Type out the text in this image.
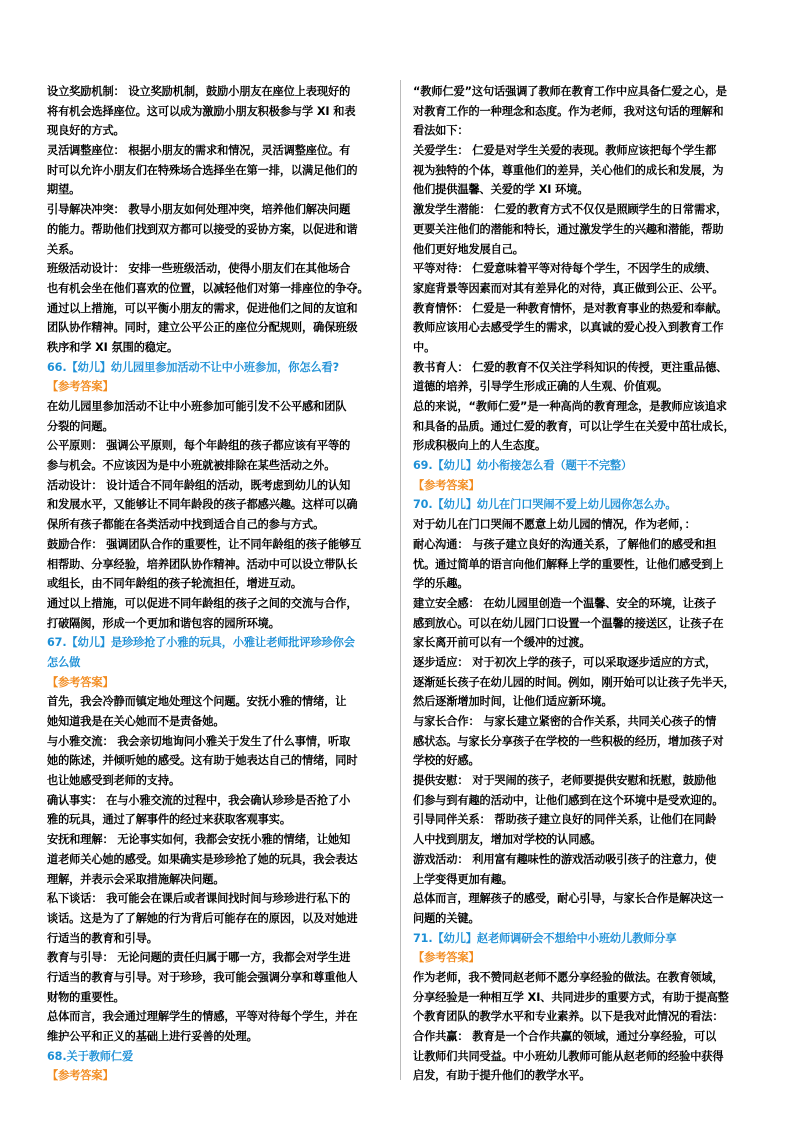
设立奖励机制： 设立奖励机制，鼓励小朋友在座位上表现好的
将有机会选择座位。这可以成为激励小朋友积极参与学 XI 和表
现良好的方式。
灵活调整座位： 根据小朋友的需求和情况，灵活调整座位。有
时可以允许小朋友们在特殊场合选择坐在第一排，以满足他们的
期望。
引导解决冲突： 教导小朋友如何处理冲突，培养他们解决问题
的能力。帮助他们找到双方都可以接受的妥协方案，以促进和谐
关系。
班级活动设计： 安排一些班级活动，使得小朋友们在其他场合
也有机会坐在他们喜欢的位置，以减轻他们对第一排座位的争夺。
通过以上措施，可以平衡小朋友的需求，促进他们之间的友谊和
团队协作精神。同时，建立公平公正的座位分配规则，确保班级
秩序和学 XI 氛围的稳定。
66.【幼儿】幼儿园里参加活动不让中小班参加，你怎么看?
【参考答案】
在幼儿园里参加活动不让中小班参加可能引发不公平感和团队
分裂的问题。
公平原则： 强调公平原则，每个年龄组的孩子都应该有平等的
参与机会。不应该因为是中小班就被排除在某些活动之外。
活动设计： 设计适合不同年龄组的活动，既考虑到幼儿的认知
和发展水平，又能够让不同年龄段的孩子都感兴趣。这样可以确
保所有孩子都能在各类活动中找到适合自己的参与方式。
鼓励合作： 强调团队合作的重要性，让不同年龄组的孩子能够互
相帮助、分享经验，培养团队协作精神。活动中可以设立带队长
或组长，由不同年龄组的孩子轮流担任，增进互动。
通过以上措施，可以促进不同年龄组的孩子之间的交流与合作，
打破隔阂，形成一个更加和谐包容的园所环境。
67.【幼儿】是珍珍抢了小雅的玩具，小雅让老师批评珍珍你会
怎么做
【参考答案】
首先，我会冷静而镇定地处理这个问题。安抚小雅的情绪，让
她知道我是在关心她而不是责备她。
与小雅交流： 我会亲切地询问小雅关于发生了什么事情，听取
她的陈述，并倾听她的感受。这有助于她表达自己的情绪，同时
也让她感受到老师的支持。
确认事实： 在与小雅交流的过程中，我会确认珍珍是否抢了小
雅的玩具，通过了解事件的经过来获取客观事实。
安抚和理解： 无论事实如何，我都会安抚小雅的情绪，让她知
道老师关心她的感受。如果确实是珍珍抢了她的玩具，我会表达
理解，并表示会采取措施解决问题。
私下谈话： 我可能会在课后或者课间找时间与珍珍进行私下的
谈话。这是为了了解她的行为背后可能存在的原因，以及对她进
行适当的教育和引导。
教育与引导： 无论问题的责任归属于哪一方，我都会对学生进
行适当的教育与引导。对于珍珍，我可能会强调分享和尊重他人
财物的重要性。
总体而言，我会通过理解学生的情感，平等对待每个学生，并在
维护公平和正义的基础上进行妥善的处理。
68.关于教师仁爱
【参考答案】
“教师仁爱”这句话强调了教师在教育工作中应具备仁爱之心，是
对教育工作的一种理念和态度。作为老师，我对这句话的理解和
看法如下：
关爱学生： 仁爱是对学生关爱的表现。教师应该把每个学生都
视为独特的个体，尊重他们的差异，关心他们的成长和发展，为
他们提供温馨、关爱的学 XI 环境。
激发学生潜能： 仁爱的教育方式不仅仅是照顾学生的日常需求，
更要关注他们的潜能和特长，通过激发学生的兴趣和潜能，帮助
他们更好地发展自己。
平等对待： 仁爱意味着平等对待每个学生，不因学生的成绩、
家庭背景等因素而对其有差异化的对待，真正做到公正、公平。
教育情怀： 仁爱是一种教育情怀，是对教育事业的热爱和奉献。
教师应该用心去感受学生的需求，以真诚的爱心投入到教育工作
中。
教书育人： 仁爱的教育不仅关注学科知识的传授，更注重品德、
道德的培养，引导学生形成正确的人生观、价值观。
总的来说，“教师仁爱”是一种高尚的教育理念，是教师应该追求
和具备的品质。通过仁爱的教育，可以让学生在关爱中茁壮成长，
形成积极向上的人生态度。
69.【幼儿】幼小衔接怎么看（题干不完整）
【参考答案】
70.【幼儿】幼儿在门口哭闹不爱上幼儿园你怎么办。
对于幼儿在门口哭闹不愿意上幼儿园的情况，作为老师，：
耐心沟通： 与孩子建立良好的沟通关系，了解他们的感受和担
忧。通过简单的语言向他们解释上学的重要性，让他们感受到上
学的乐趣。
建立安全感： 在幼儿园里创造一个温馨、安全的环境，让孩子
感到放心。可以在幼儿园门口设置一个温馨的接送区，让孩子在
家长离开前可以有一个缓冲的过渡。
逐步适应： 对于初次上学的孩子，可以采取逐步适应的方式，
逐渐延长孩子在幼儿园的时间。例如，刚开始可以让孩子先半天，
然后逐渐增加时间，让他们适应新环境。
与家长合作： 与家长建立紧密的合作关系，共同关心孩子的情
感状态。与家长分享孩子在学校的一些积极的经历，增加孩子对
学校的好感。
提供安慰： 对于哭闹的孩子，老师要提供安慰和抚慰，鼓励他
们参与到有趣的活动中，让他们感到在这个环境中是受欢迎的。
引导同伴关系： 帮助孩子建立良好的同伴关系，让他们在同龄
人中找到朋友，增加对学校的认同感。
游戏活动： 利用富有趣味性的游戏活动吸引孩子的注意力，使
上学变得更加有趣。
总体而言，理解孩子的感受，耐心引导，与家长合作是解决这一
问题的关键。
71.【幼儿】赵老师调研会不想给中小班幼儿教师分享
【参考答案】
作为老师，我不赞同赵老师不愿分享经验的做法。在教育领域，
分享经验是一种相互学 XI、共同进步的重要方式，有助于提高整
个教育团队的教学水平和专业素养。以下是我对此情况的看法：
合作共赢： 教育是一个合作共赢的领域，通过分享经验，可以
让教师们共同受益。中小班幼儿教师可能从赵老师的经验中获得
启发，有助于提升他们的教学水平。
